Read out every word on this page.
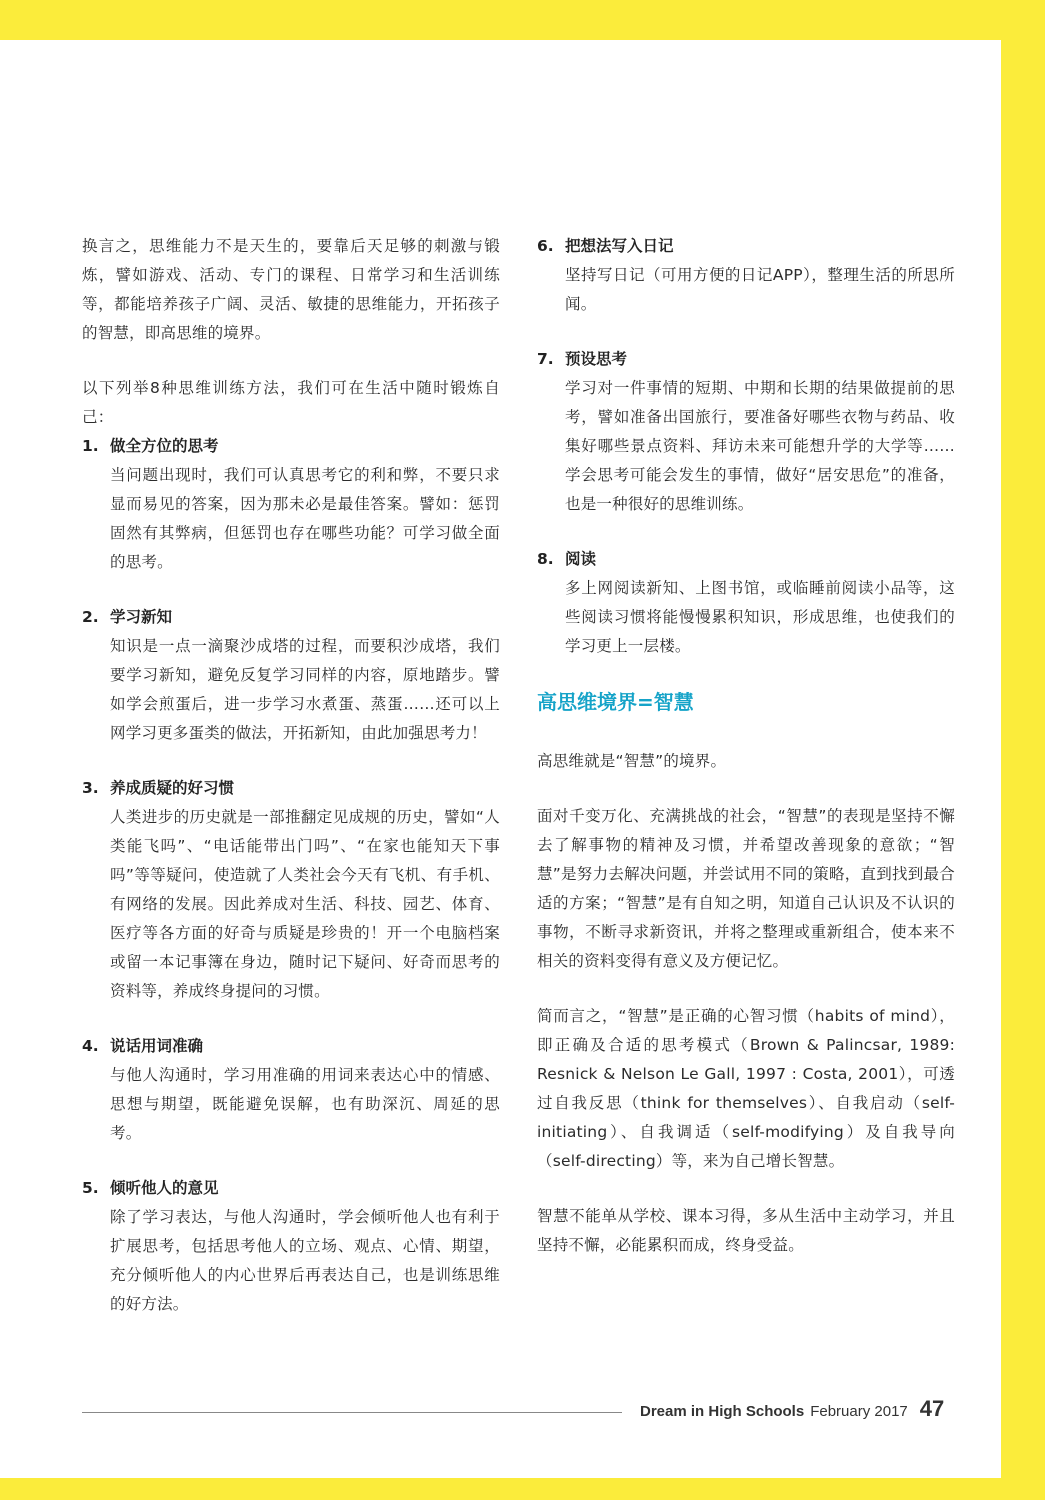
换言之，思维能力不是天生的，要靠后天足够的刺激与锻炼，譬如游戏、活动、专门的课程、日常学习和生活训练等，都能培养孩子广阔、灵活、敏捷的思维能力，开拓孩子的智慧，即高思维的境界。

以下列举8种思维训练方法，我们可在生活中随时锻炼自己：

1. 做全方位的思考
当问题出现时，我们可认真思考它的利和弊，不要只求显而易见的答案，因为那未必是最佳答案。譬如：惩罚固然有其弊病，但惩罚也存在哪些功能？可学习做全面的思考。
2. 学习新知
知识是一点一滴聚沙成塔的过程，而要积沙成塔，我们要学习新知，避免反复学习同样的内容，原地踏步。譬如学会煎蛋后，进一步学习水煮蛋、蒸蛋……还可以上网学习更多蛋类的做法，开拓新知，由此加强思考力！
3. 养成质疑的好习惯
人类进步的历史就是一部推翻定见成规的历史，譬如“人类能飞吗”、“电话能带出门吗”、“在家也能知天下事吗”等等疑问，使造就了人类社会今天有飞机、有手机、有网络的发展。因此养成对生活、科技、园艺、体育、医疗等各方面的好奇与质疑是珍贵的！开一个电脑档案或留一本记事簿在身边，随时记下疑问、好奇而思考的资料等，养成终身提问的习惯。
4. 说话用词准确
与他人沟通时，学习用准确的用词来表达心中的情感、思想与期望，既能避免误解，也有助深沉、周延的思考。
5. 倾听他人的意见
除了学习表达，与他人沟通时，学会倾听他人也有利于扩展思考，包括思考他人的立场、观点、心情、期望，充分倾听他人的内心世界后再表达自己，也是训练思维的好方法。
6. 把想法写入日记
坚持写日记（可用方便的日记APP），整理生活的所思所闻。
7. 预设思考
学习对一件事情的短期、中期和长期的结果做提前的思考，譬如准备出国旅行，要准备好哪些衣物与药品、收集好哪些景点资料、拜访未来可能想升学的大学等……学会思考可能会发生的事情，做好“居安思危”的准备，也是一种很好的思维训练。
8. 阅读
多上网阅读新知、上图书馆，或临睡前阅读小品等，这些阅读习惯将能慢慢累积知识，形成思维，也使我们的学习更上一层楼。
高思维境界=智慧

高思维就是“智慧”的境界。

面对千变万化、充满挑战的社会，“智慧”的表现是坚持不懈去了解事物的精神及习惯，并希望改善现象的意欲；“智慧”是努力去解决问题，并尝试用不同的策略，直到找到最合适的方案；“智慧”是有自知之明，知道自己认识及不认识的事物，不断寻求新资讯，并将之整理或重新组合，使本来不相关的资料变得有意义及方便记忆。

简而言之，“智慧”是正确的心智习惯（habits of mind），即正确及合适的思考模式（Brown & Palincsar, 1989: Resnick & Nelson Le Gall, 1997 : Costa, 2001），可透过自我反思（think for themselves）、自我启动（self-initiating）、自我调适（self-modifying）及自我导向（self-directing）等，来为自己增长智慧。

智慧不能单从学校、课本习得，多从生活中主动学习，并且坚持不懈，必能累积而成，终身受益。

Dream in High Schools February 2017 47
